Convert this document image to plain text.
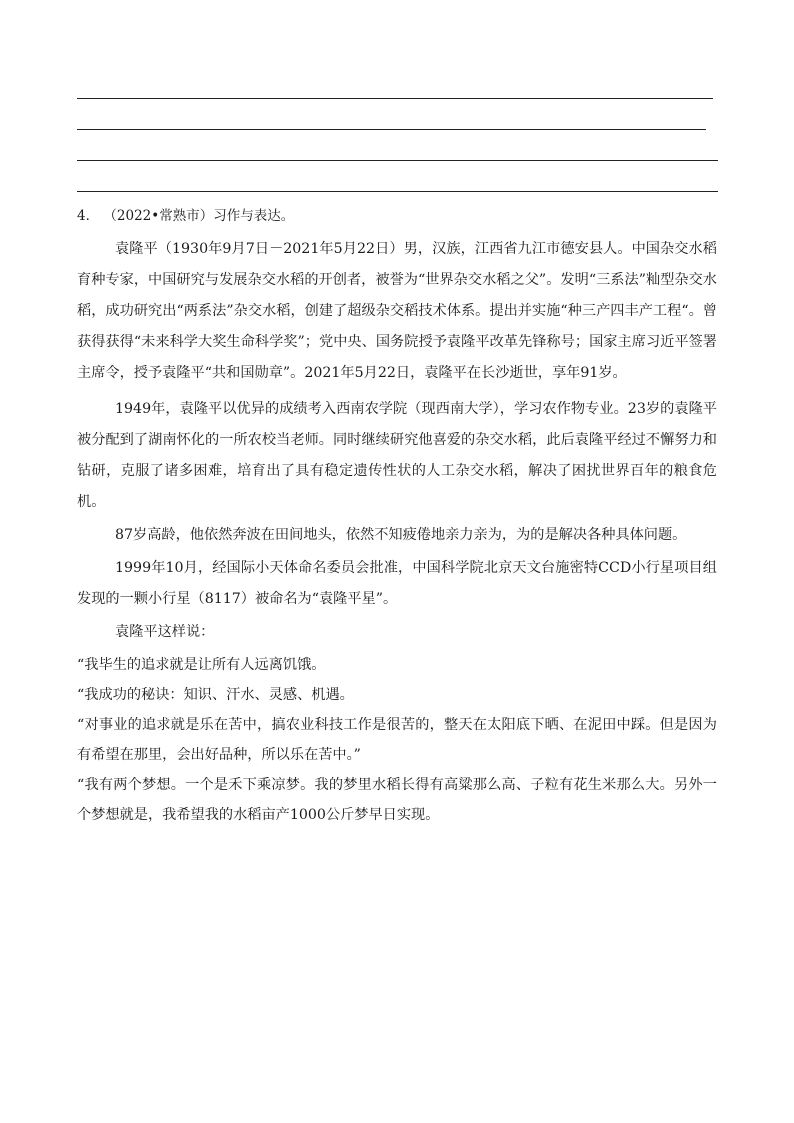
4． （2022•常熟市）习作与表达。

袁隆平（1930年9月7日－2021年5月22日）男，汉族，江西省九江市德安县人。中国杂交水稻育种专家，中国研究与发展杂交水稻的开创者，被誉为“世界杂交水稻之父”。发明“三系法”籼型杂交水稻，成功研究出“两系法”杂交水稻，创建了超级杂交稻技术体系。提出并实施“种三产四丰产工程“。曾获得获得“未来科学大奖生命科学奖”；党中央、国务院授予袁隆平改革先锋称号；国家主席习近平签署主席令，授予袁隆平“共和国勋章”。2021年5月22日，袁隆平在长沙逝世，享年91岁。

1949年，袁隆平以优异的成绩考入西南农学院（现西南大学），学习农作物专业。23岁的袁隆平被分配到了湖南怀化的一所农校当老师。同时继续研究他喜爱的杂交水稻，此后袁隆平经过不懈努力和钻研，克服了诸多困难，培育出了具有稳定遗传性状的人工杂交水稻，解决了困扰世界百年的粮食危机。

87岁高龄，他依然奔波在田间地头，依然不知疲倦地亲力亲为，为的是解决各种具体问题。

1999年10月，经国际小天体命名委员会批准，中国科学院北京天文台施密特CCD小行星项目组发现的一颗小行星（8117）被命名为“袁隆平星”。

袁隆平这样说：

“我毕生的追求就是让所有人远离饥饿。

“我成功的秘诀：知识、汗水、灵感、机遇。

“对事业的追求就是乐在苦中，搞农业科技工作是很苦的，整天在太阳底下晒、在泥田中踩。但是因为有希望在那里，会出好品种，所以乐在苦中。”

“我有两个梦想。一个是禾下乘凉梦。我的梦里水稻长得有高粱那么高、子粒有花生米那么大。另外一个梦想就是，我希望我的水稻亩产1000公斤梦早日实现。
